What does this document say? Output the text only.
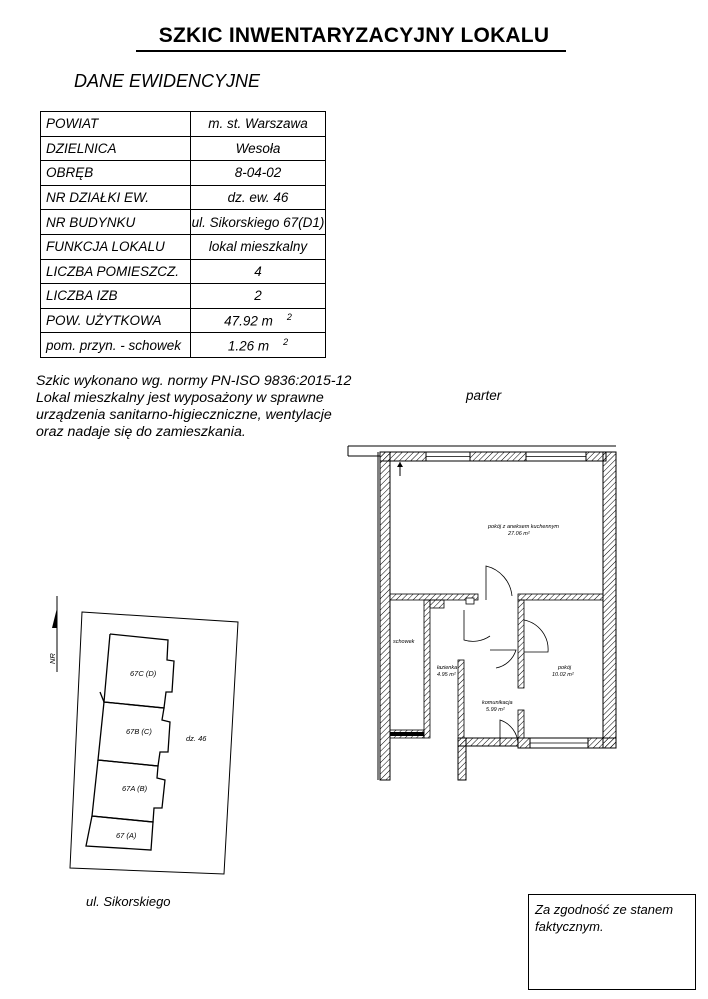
SZKIC INWENTARYZACYJNY LOKALU
DANE EWIDENCYJNE
POWIAT	m. st. Warszawa
DZIELNICA	Wesoła
OBRĘB	8-04-02
NR DZIAŁKI EW.	dz. ew. 46
NR BUDYNKU	ul. Sikorskiego 67(D1)
FUNKCJA LOKALU	lokal mieszkalny
LICZBA POMIESZCZ.	4
LICZBA IZB	2
POW. UŻYTKOWA	47.92 m $^2$
pom. przyn. - schowek	1.26 m $^2$
Szkic wykonano wg. normy PN-ISO 9836:2015-12
Lokal mieszkalny jest wyposażony w sprawne
urządzenia sanitarno-higieczniczne, wentylacje
oraz nadaje się do zamieszkania.
parter
pokój z aneksem kuchennym
27.06 m²
schowek
łazienka
4.95 m²
pokój
10.02 m²
komunikacja
5.99 m²
NR
dz. 46
67C (D)
67B (C)
67A (B)
67 (A)
ul. Sikorskiego
Za zgodność ze stanem
faktycznym.
